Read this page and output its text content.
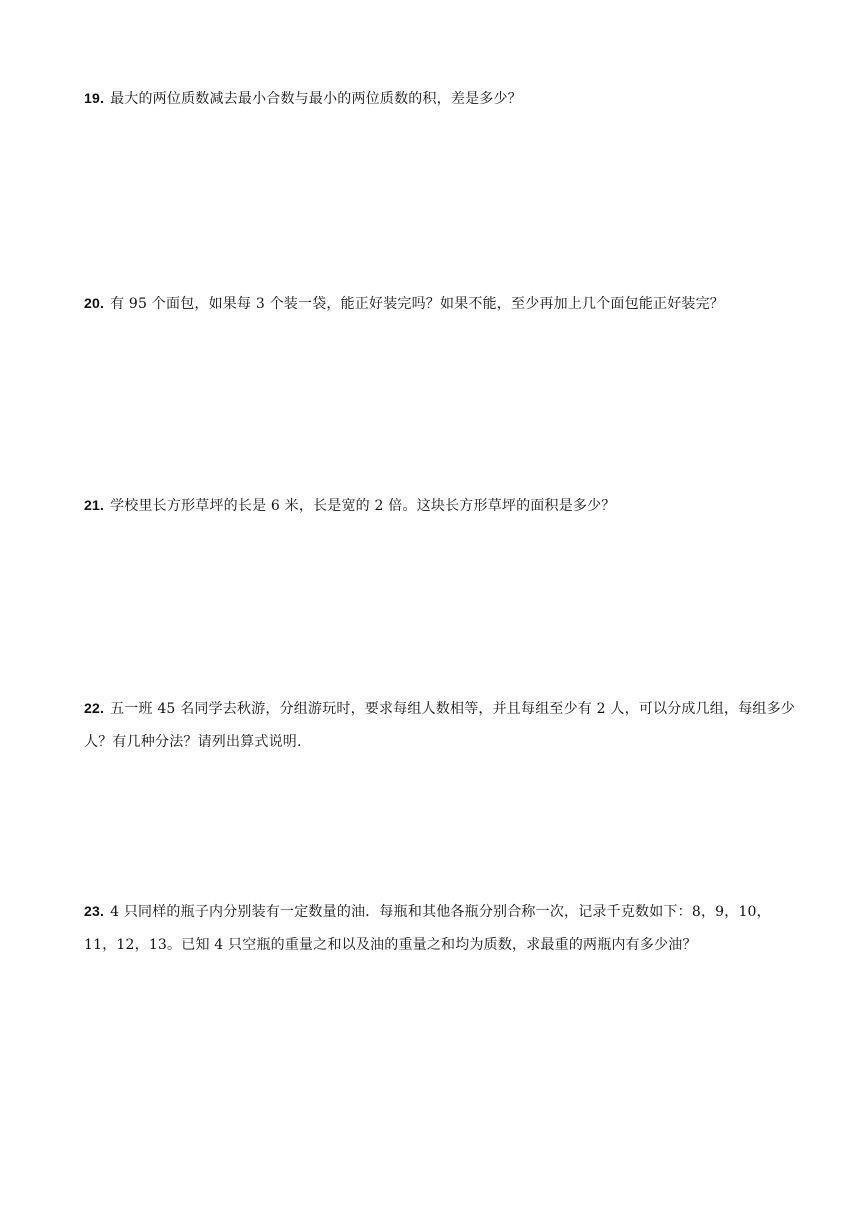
19. 最大的两位质数减去最小合数与最小的两位质数的积，差是多少？
20. 有 95 个面包，如果每 3 个装一袋，能正好装完吗？如果不能，至少再加上几个面包能正好装完？
21. 学校里长方形草坪的长是 6 米，长是宽的 2 倍。这块长方形草坪的面积是多少？
22. 五一班 45 名同学去秋游，分组游玩时，要求每组人数相等，并且每组至少有 2 人，可以分成几组，每组多少人？有几种分法？请列出算式说明.
23. 4 只同样的瓶子内分别装有一定数量的油．每瓶和其他各瓶分别合称一次，记录千克数如下：8，9，10，11，12，13。已知 4 只空瓶的重量之和以及油的重量之和均为质数，求最重的两瓶内有多少油？
